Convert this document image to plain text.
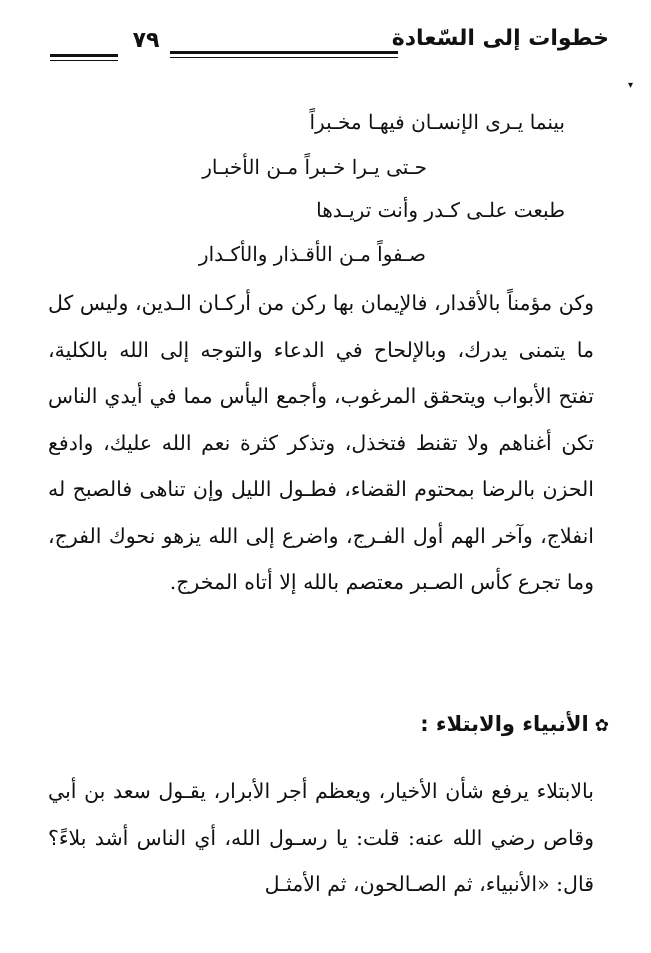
خطوات إلى السّعادة
٧٩
▾
بينما يـرى الإنسـان فيهـا مخـبراً
حـتى يـرا خـبراً مـن الأخبـار
طبعت علـى كـدر وأنت تريـدها
صـفواً مـن الأقـذار والأكـدار
وكن مؤمناً بالأقدار، فالإيمان بها ركن من أركـان الـدين، وليس كل ما يتمنى يدرك، وبالإلحاح في الدعاء والتوجه إلى الله بالكلية، تفتح الأبواب ويتحقق المرغوب، وأجمع اليأس مما في أيدي الناس تكن أغناهم ولا تقنط فتخذل، وتذكر كثرة نعم الله عليك، وادفع الحزن بالرضا بمحتوم القضاء، فطـول الليل وإن تناهى فالصبح له انفلاج، وآخر الهم أول الفـرج، واضرع إلى الله يزهو نحوك الفرج، وما تجرع كأس الصـبر معتصم بالله إلا أتاه المخرج.
✿الأنبياء والابتلاء :
بالابتلاء يرفع شأن الأخيار، ويعظم أجر الأبرار، يقـول سعد بن أبي وقاص رضي الله عنه: قلت: يا رسـول الله، أي الناس أشد بلاءً؟ قال: «الأنبياء، ثم الصـالحون، ثم الأمثـل
